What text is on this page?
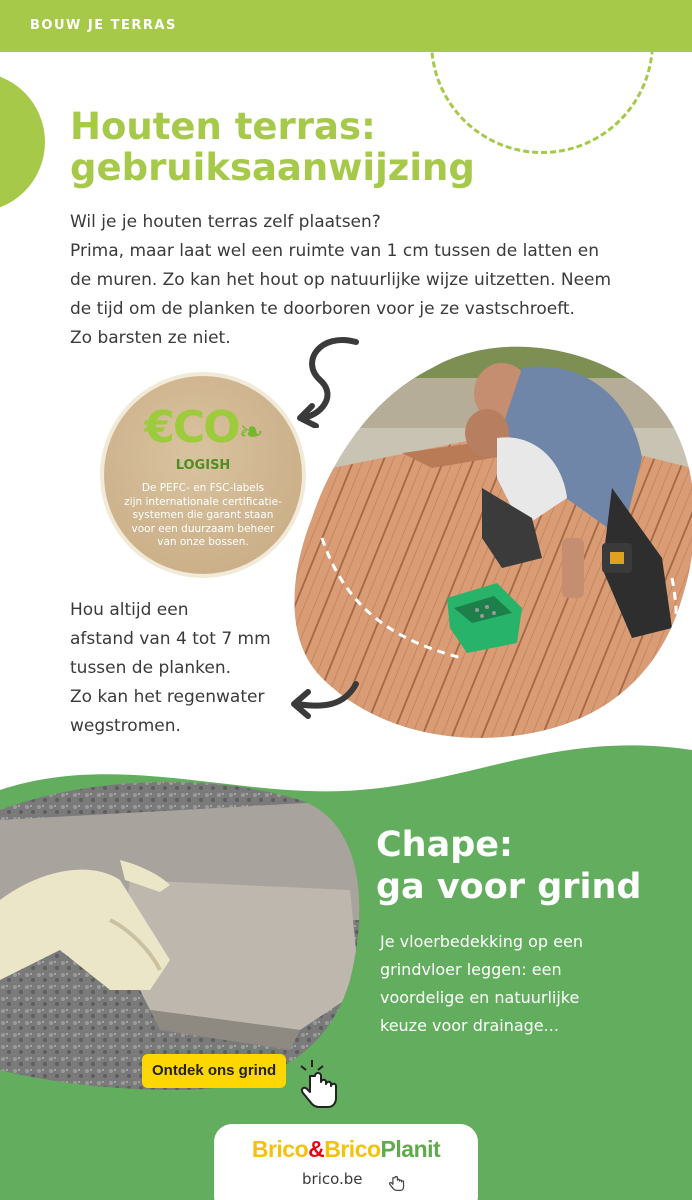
BOUW JE TERRAS
Houten terras:
gebruiksaanwijzing

Wil je je houten terras zelf plaatsen?
Prima, maar laat wel een ruimte van 1 cm tussen de latten en
de muren. Zo kan het hout op natuurlijke wijze uitzetten. Neem
de tijd om de planken te doorboren voor je ze vastschroeft.
Zo barsten ze niet.

€CO❧
LOGISH
De PEFC- en FSC-labels
zijn internationale certificatie-
systemen die garant staan
voor een duurzaam beheer
van onze bossen.

Hou altijd een
afstand van 4 tot 7 mm
tussen de planken.
Zo kan het regenwater
wegstromen.

Chape:
ga voor grind

Je vloerbedekking op een
grindvloer leggen: een
voordelige en natuurlijke
keuze voor drainage...

Ontdek ons grind
Brico&BricoPlanit
brico.be
